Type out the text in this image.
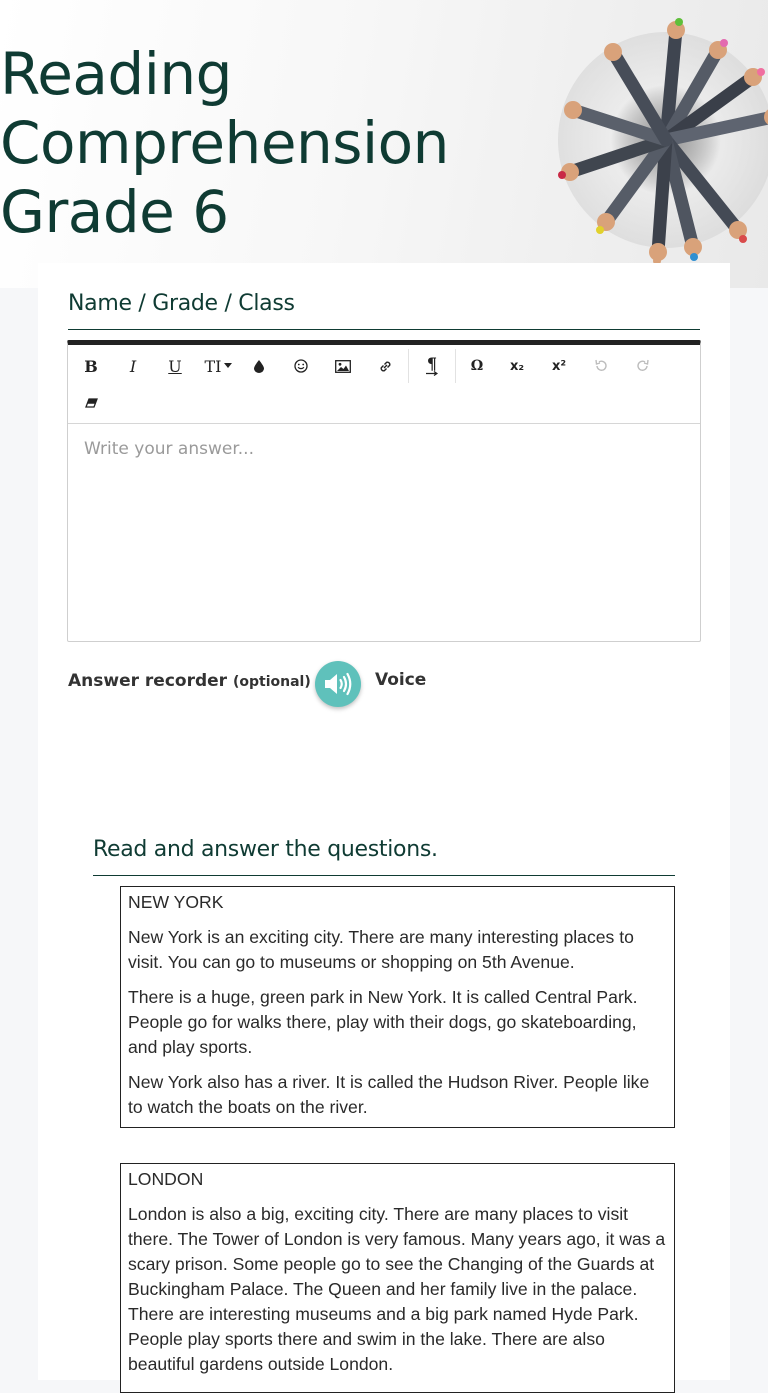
Reading
Comprehension
Grade 6
Name / Grade / Class
B	I	U	TI	¶	Ω	x₂	x²
Write your answer...
Answer recorder (optional)	Voice
Read and answer the questions.

NEW YORK

New York is an exciting city. There are many interesting places to visit. You can go to museums or shopping on 5th Avenue.

There is a huge, green park in New York. It is called Central Park. People go for walks there, play with their dogs, go skateboarding, and play sports.

New York also has a river. It is called the Hudson River. People like to watch the boats on the river.

LONDON

London is also a big, exciting city. There are many places to visit there. The Tower of London is very famous. Many years ago, it was a scary prison. Some people go to see the Changing of the Guards at Buckingham Palace. The Queen and her family live in the palace. There are interesting museums and a big park named Hyde Park. People play sports there and swim in the lake. There are also beautiful gardens outside London.
